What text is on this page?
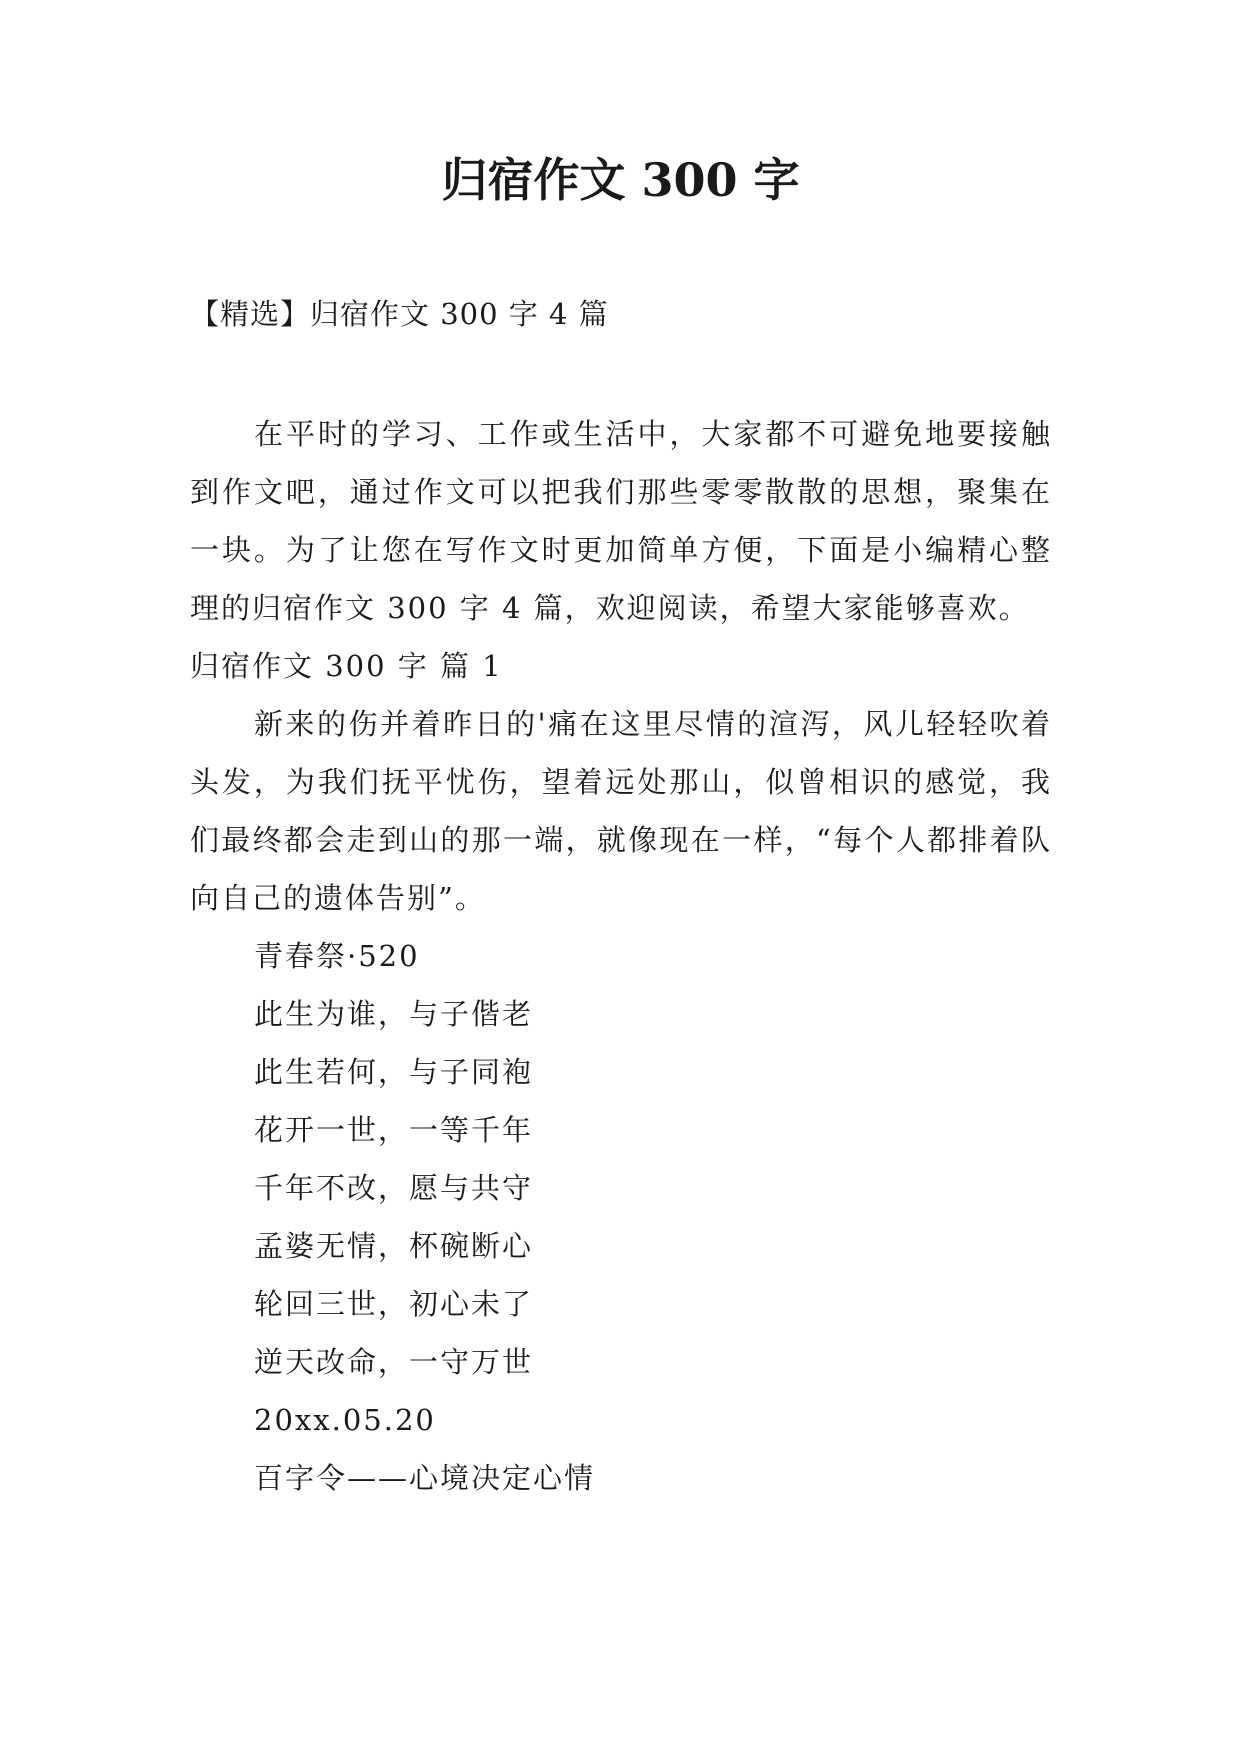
归宿作文 300 字

【精选】归宿作文 300 字 4 篇

在平时的学习、工作或生活中，大家都不可避免地要接触到作文吧，通过作文可以把我们那些零零散散的思想，聚集在一块。为了让您在写作文时更加简单方便，下面是小编精心整理的归宿作文 300 字 4 篇，欢迎阅读，希望大家能够喜欢。

归宿作文 300 字 篇 1

新来的伤并着昨日的'痛在这里尽情的渲泻，风儿轻轻吹着头发，为我们抚平忧伤，望着远处那山，似曾相识的感觉，我们最终都会走到山的那一端，就像现在一样，“每个人都排着队向自己的遗体告别”。

青春祭·520

此生为谁，与子偕老

此生若何，与子同袍

花开一世，一等千年

千年不改，愿与共守

孟婆无情，杯碗断心

轮回三世，初心未了

逆天改命，一守万世

20xx.05.20

百字令——心境决定心情
